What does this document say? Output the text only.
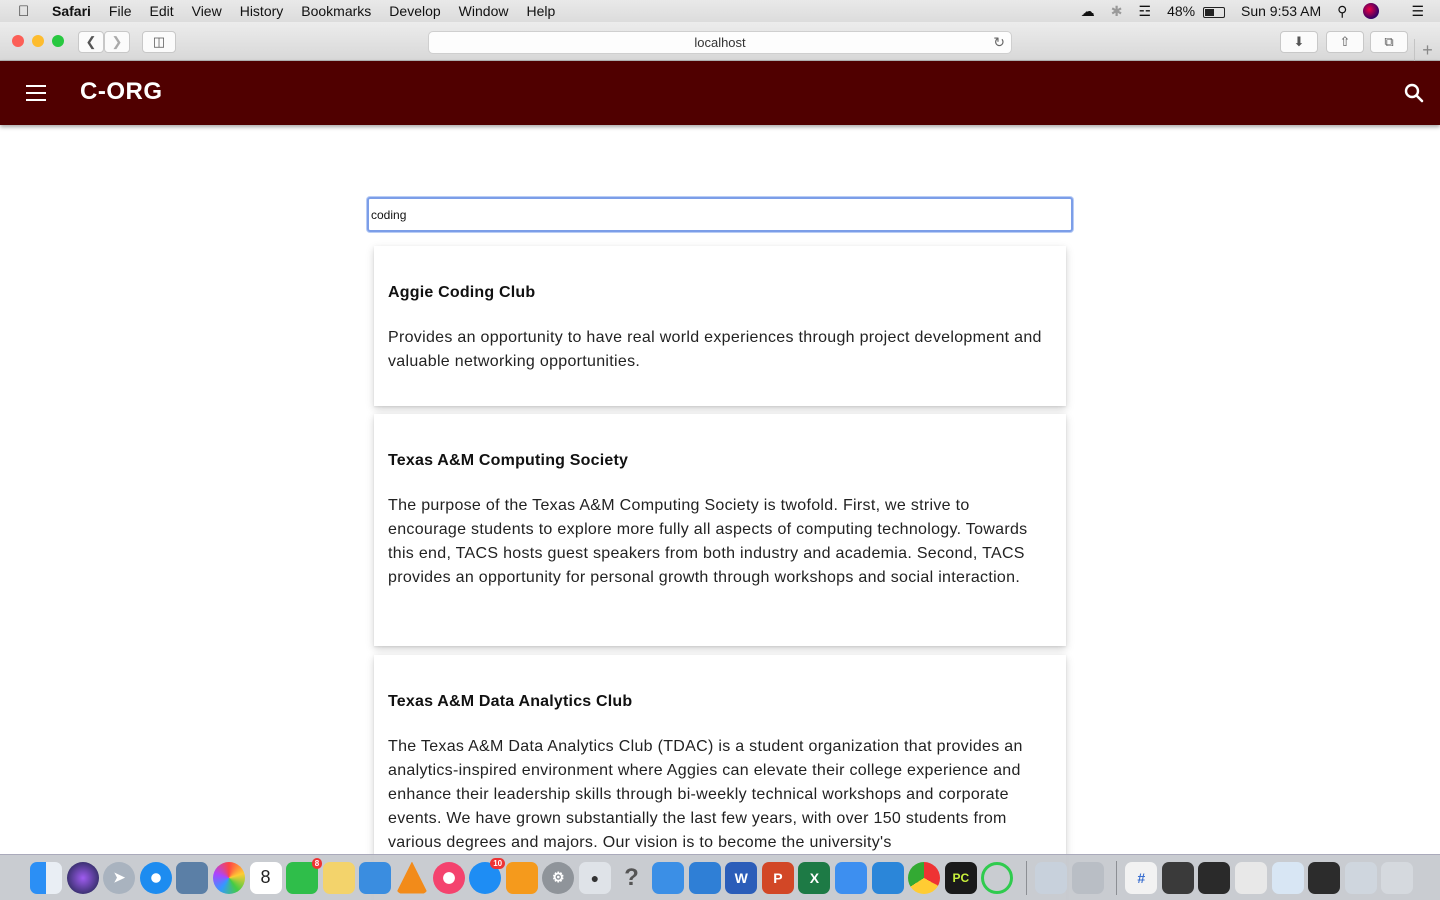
Safari File Edit View History Bookmarks Develop Window Help	☁ ✱ ☲ 48%	Sun 9:53 AM ⚲	☰
❮ ❯ ◫	localhost	↻	⬇	⇧	⧉	+
C-ORG
coding
Aggie Coding Club

Provides an opportunity to have real world experiences through project development and valuable networking opportunities.

Texas A&M Computing Society

The purpose of the Texas A&M Computing Society is twofold. First, we strive to encourage students to explore more fully all aspects of computing technology. Towards this end, TACS hosts guest speakers from both industry and academia. Second, TACS provides an opportunity for personal growth through workshops and social interaction.

Texas A&M Data Analytics Club

The Texas A&M Data Analytics Club (TDAC) is a student organization that provides an analytics-inspired environment where Aggies can elevate their college experience and enhance their leadership skills through bi-weekly technical workshops and corporate events. We have grown substantially the last few years, with over 150 students from various degrees and majors. Our vision is to become the university's

➤	8
8	10
⚙	●	?	W	P	X	PC	#
